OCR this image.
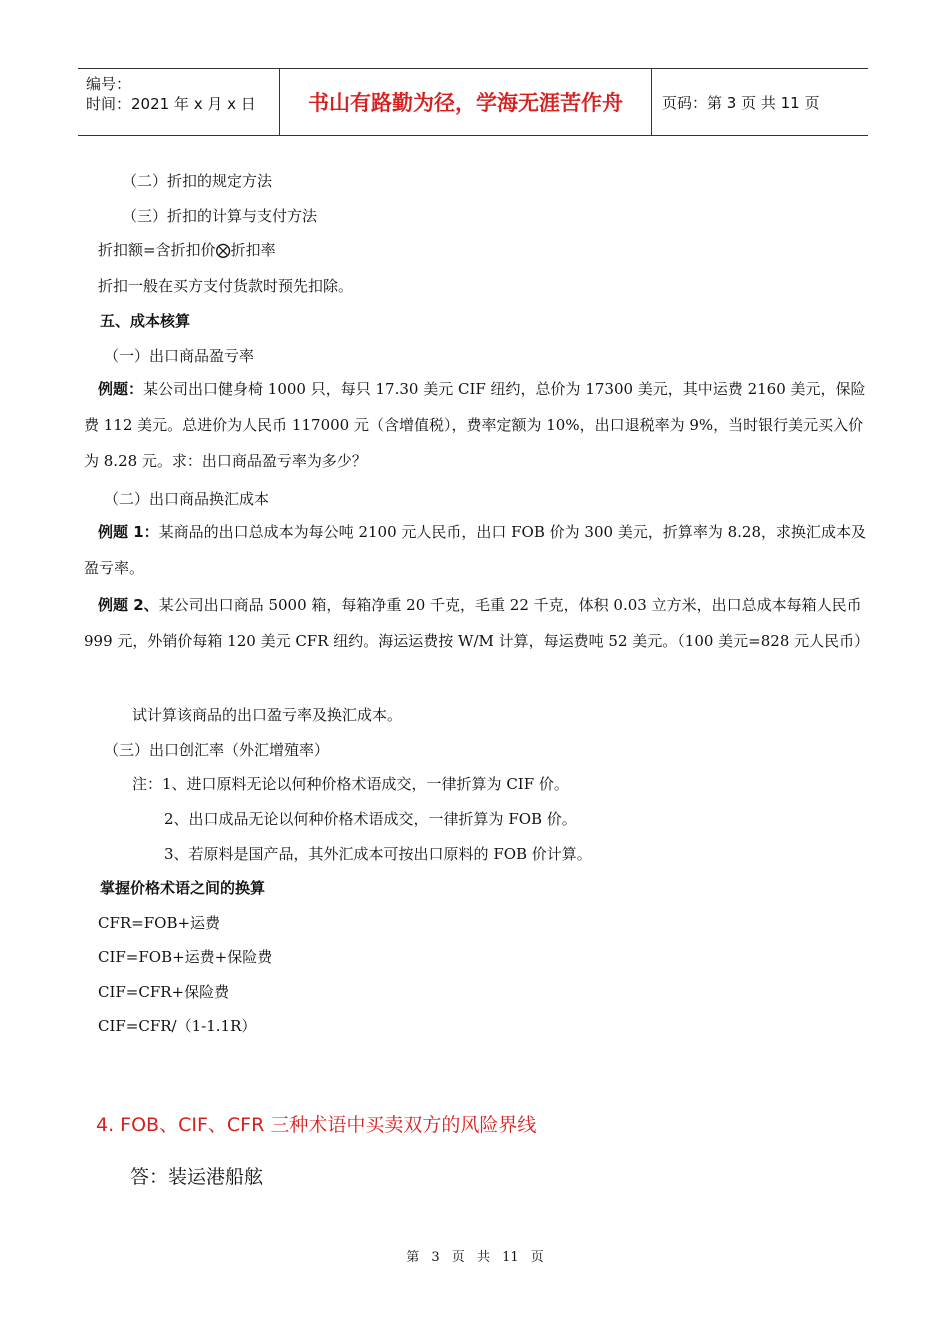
编号：
时间：2021 年 x 月 x 日 书山有路勤为径，学海无涯苦作舟	页码：第 3 页 共 11 页
（二）折扣的规定方法
（三）折扣的计算与支付方法
折扣额=含折扣价⨂折扣率
折扣一般在买方支付货款时预先扣除。
五、成本核算
（一）出口商品盈亏率
例题：某公司出口健身椅 1000 只，每只 17.30 美元 CIF 纽约，总价为 17300 美元，其中运费 2160 美元，保险费 112 美元。总进价为人民币 117000 元（含增值税），费率定额为 10%，出口退税率为 9%，当时银行美元买入价为 8.28 元。求：出口商品盈亏率为多少？
（二）出口商品换汇成本
例题 1：某商品的出口总成本为每公吨 2100 元人民币，出口 FOB 价为 300 美元，折算率为 8.28，求换汇成本及盈亏率。
例题 2、某公司出口商品 5000 箱，每箱净重 20 千克，毛重 22 千克，体积 0.03 立方米，出口总成本每箱人民币 999 元，外销价每箱 120 美元 CFR 纽约。海运运费按 W/M 计算，每运费吨 52 美元。（100 美元=828 元人民币）
试计算该商品的出口盈亏率及换汇成本。
（三）出口创汇率（外汇增殖率）
注：1、进口原料无论以何种价格术语成交，一律折算为 CIF 价。
2、出口成品无论以何种价格术语成交，一律折算为 FOB 价。
3、若原料是国产品，其外汇成本可按出口原料的 FOB 价计算。
掌握价格术语之间的换算
CFR=FOB+运费
CIF=FOB+运费+保险费
CIF=CFR+保险费
CIF=CFR/（1-1.1R）
4. FOB、CIF、CFR 三种术语中买卖双方的风险界线
答：装运港船舷
第 3 页 共 11 页
